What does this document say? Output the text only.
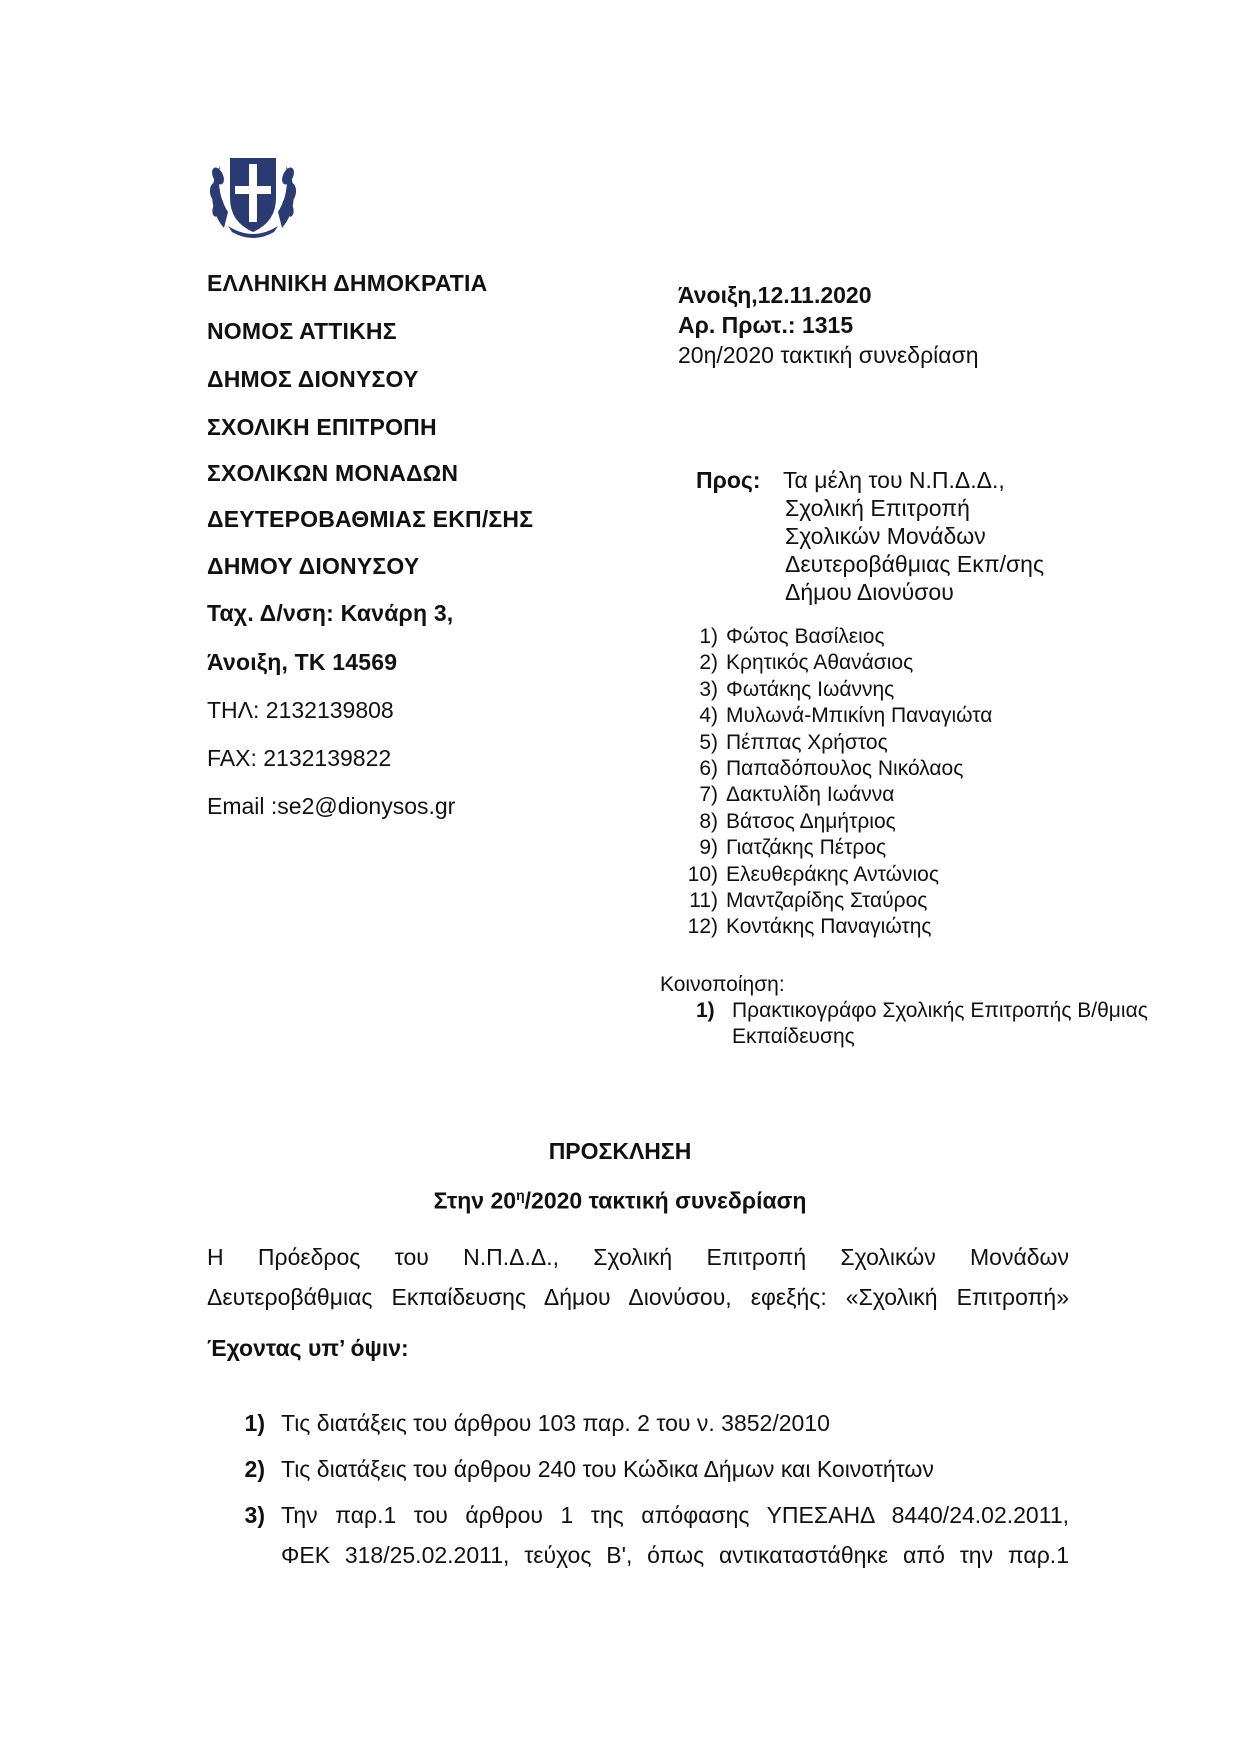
ΕΛΛΗΝΙΚΗ ΔΗΜΟΚΡΑΤΙΑ
ΝΟΜΟΣ ΑΤΤΙΚΗΣ
ΔΗΜΟΣ ΔΙΟΝΥΣΟΥ
ΣΧΟΛΙΚΗ ΕΠΙΤΡΟΠΗ
ΣΧΟΛΙΚΩΝ ΜΟΝΑΔΩΝ
ΔΕΥΤΕΡΟΒΑΘΜΙΑΣ ΕΚΠ/ΣΗΣ
ΔΗΜΟΥ ΔΙΟΝΥΣΟΥ
Ταχ. Δ/νση: Κανάρη 3,
Άνοιξη, ΤΚ 14569
ΤΗΛ: 2132139808
FAX: 2132139822
Email :se2@dionysos.gr
Άνοιξη,12.11.2020
Αρ. Πρωτ.: 1315
20η/2020 τακτική συνεδρίαση
Προς: Τα μέλη του Ν.Π.Δ.Δ.,
Σχολική Επιτροπή
Σχολικών Μονάδων
Δευτεροβάθμιας Εκπ/σης
Δήμου Διονύσου
1) Φώτος Βασίλειος
2) Κρητικός Αθανάσιος
3) Φωτάκης Ιωάννης
4) Μυλωνά-Μπικίνη Παναγιώτα
5) Πέππας Χρήστος
6) Παπαδόπουλος Νικόλαος
7) Δακτυλίδη Ιωάννα
8) Βάτσος Δημήτριος
9) Γιατζάκης Πέτρος
10) Ελευθεράκης Αντώνιος
11) Μαντζαρίδης Σταύρος
12) Κοντάκης Παναγιώτης
Κοινοποίηση:
1) Πρακτικογράφο Σχολικής Επιτροπής Β/θμιας
Εκπαίδευσης
ΠΡΟΣΚΛΗΣΗ
Στην $20^\eta/2020$ τακτική συνεδρίαση
Η Πρόεδρος του Ν.Π.Δ.Δ., Σχολική Επιτροπή Σχολικών Μονάδων
Δευτεροβάθμιας Εκπαίδευσης Δήμου Διονύσου, εφεξής: «Σχολική Επιτροπή»
Έχοντας υπ’ όψιν:
1) Τις διατάξεις του άρθρου 103 παρ. 2 του ν. 3852/2010
2) Τις διατάξεις του άρθρου 240 του Κώδικα Δήμων και Κοινοτήτων
3) Την παρ.1 του άρθρου 1 της απόφασης ΥΠΕΣΑΗΔ 8440/24.02.2011,
ΦΕΚ 318/25.02.2011, τεύχος Β', όπως αντικαταστάθηκε από την παρ.1
